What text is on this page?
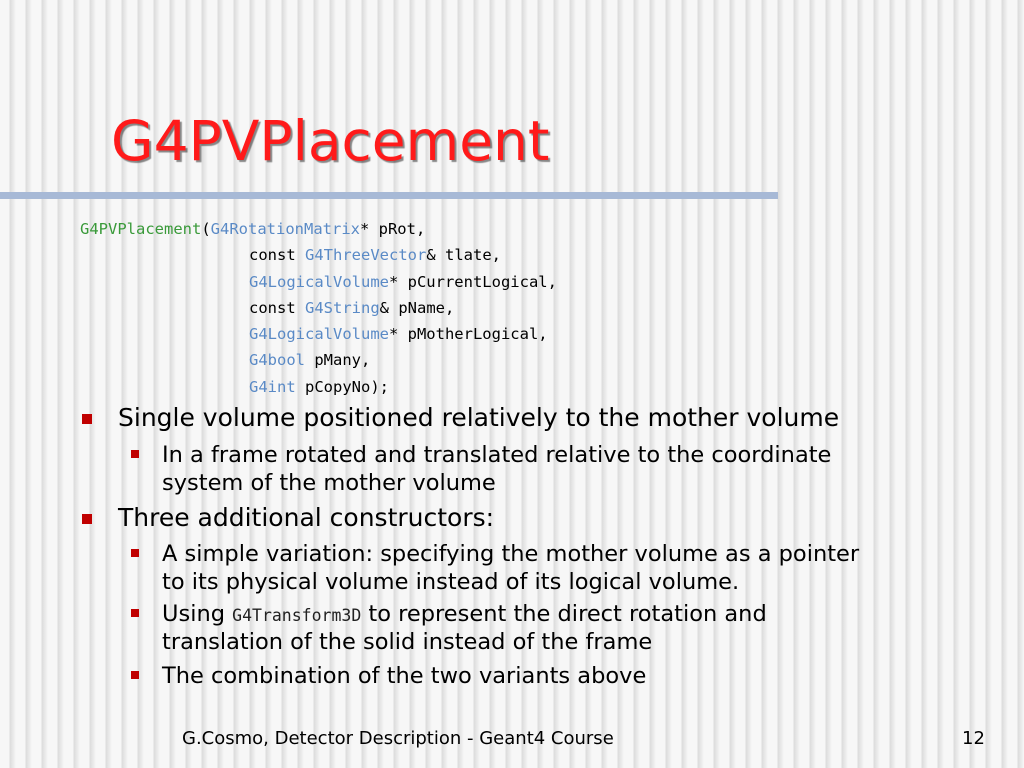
G4PVPlacement
G4PVPlacement(G4RotationMatrix* pRot,
const G4ThreeVector& tlate,
G4LogicalVolume* pCurrentLogical,
const G4String& pName,
G4LogicalVolume* pMotherLogical,
G4bool pMany,
G4int pCopyNo);
Single volume positioned relatively to the mother volume
In a frame rotated and translated relative to the coordinate
system of the mother volume
Three additional constructors:
A simple variation: specifying the mother volume as a pointer
to its physical volume instead of its logical volume.
Using G4Transform3D to represent the direct rotation and
translation of the solid instead of the frame
The combination of the two variants above
G.Cosmo, Detector Description - Geant4 Course	12
